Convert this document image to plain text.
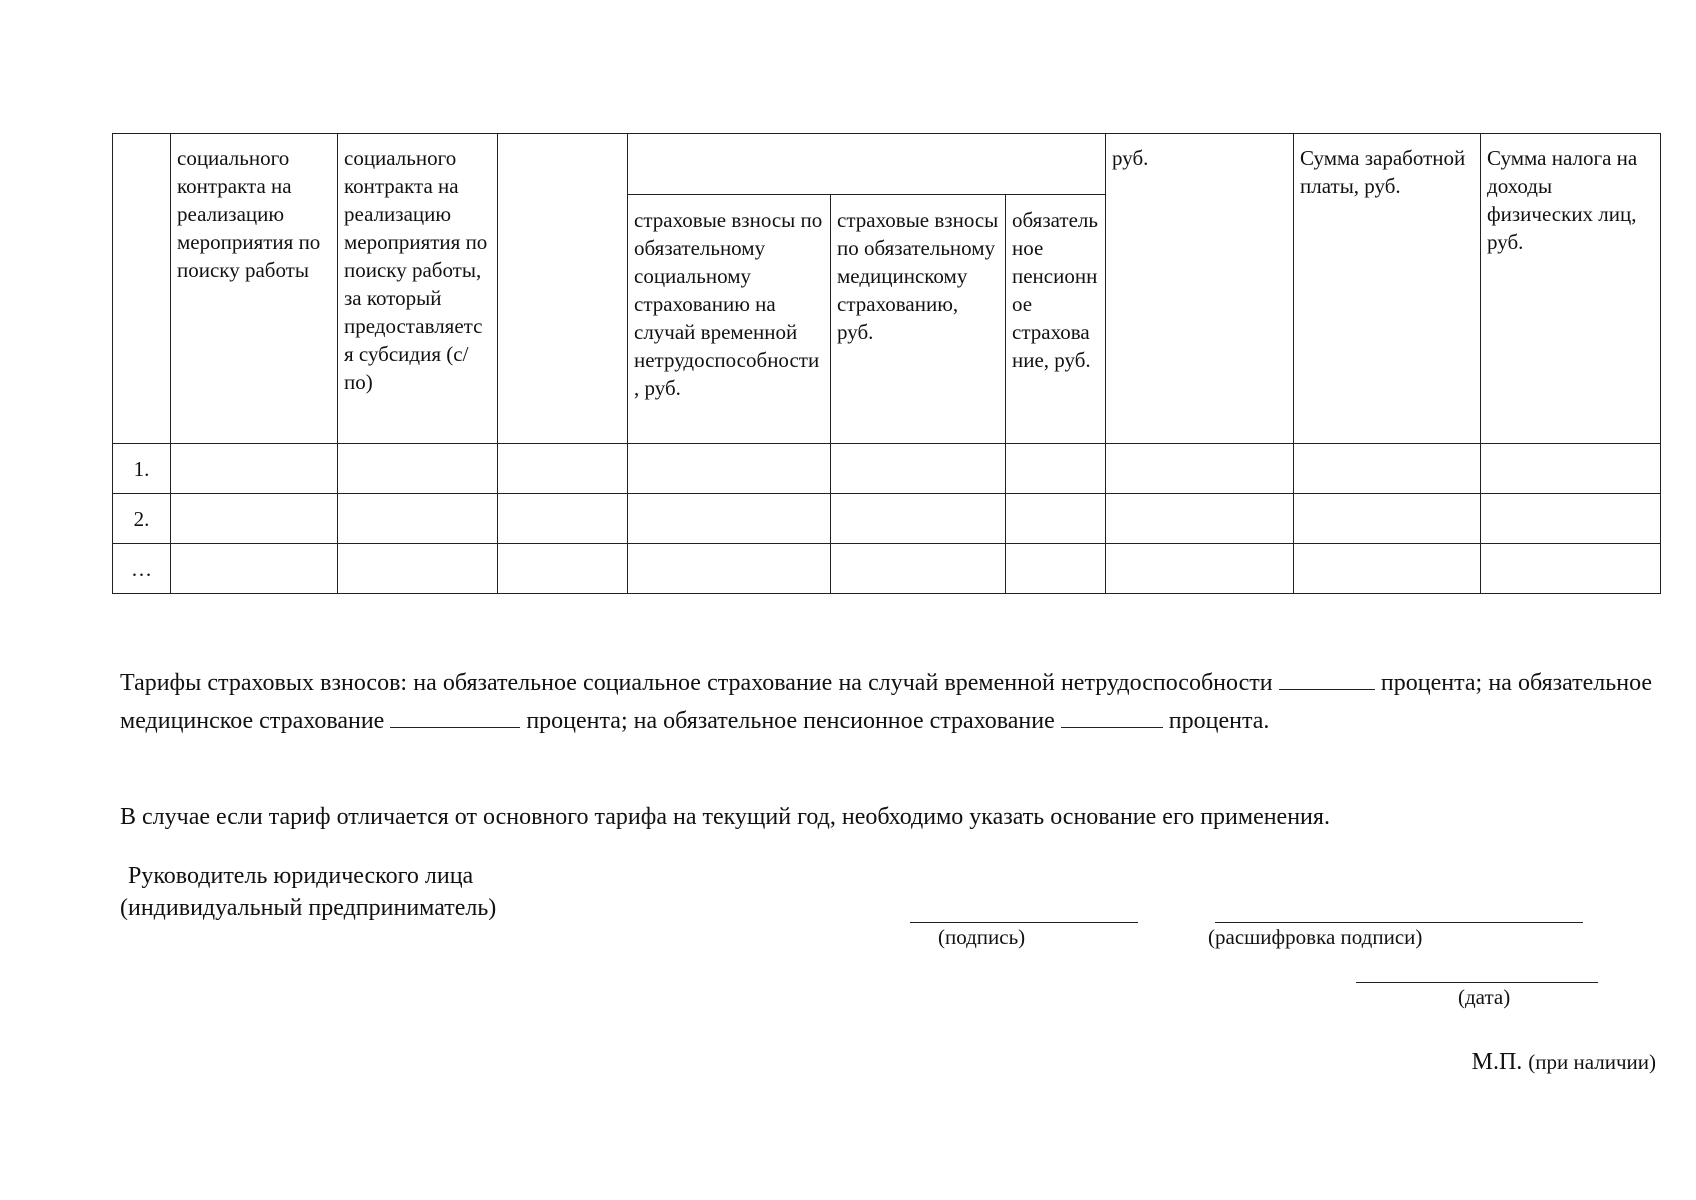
	социального контракта на реализацию мероприятия по поиску работы	социального контракта на реализацию мероприятия по поиску работы, за который предоставляется субсидия (с/по)					руб.	Сумма заработной платы, руб.	Сумма налога на доходы физических лиц, руб.
				страховые взносы по обязательному социальному страхованию на случай временной нетрудоспособности, руб.	страховые взносы по обязательному медицинскому страхованию, руб.	обязательное пенсионное страхование, руб.			
1.									
2.									
…									
Тарифы страховых взносов: на обязательное социальное страхование на случай временной нетрудоспособности	процента; на обязательное медицинское страхование	процента; на обязательное пенсионное страхование	процента.
В случае если тариф отличается от основного тарифа на текущий год, необходимо указать основание его применения.
Руководитель юридического лица
(индивидуальный предприниматель)
(подпись)	(расшифровка подписи)
(дата)
М.П. (при наличии)
